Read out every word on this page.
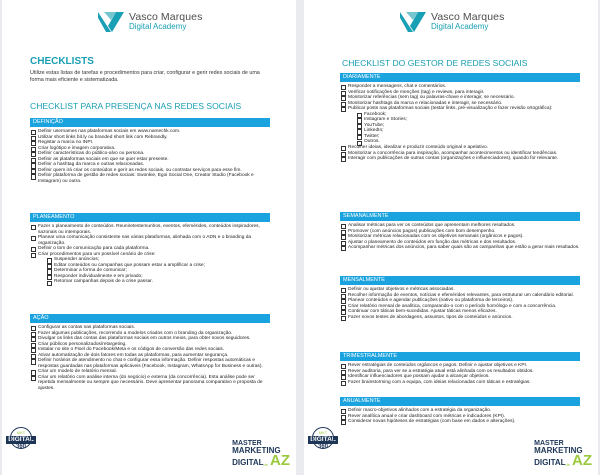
Vasco Marques
Digital Academy
CHECKLISTS
Utilize estas listas de tarefas e procedimentos para criar, configurar e gerir redes sociais de uma forma mais eficiente e sistematizada.
CHECKLIST PARA PRESENÇA NAS REDES SOCIAIS
DEFINIÇÃO
Definir usernames nas plataformas sociais em www.namechk.com.
Utilizar short links bit.ly ou branded short link com Rebrandly.
Registar a marca no INPI.
Criar logótipo e imagem corporativa.
Definir características do público-alvo ou persona.
Definir as plataformas sociais em que se quer estar presente.
Definir a hashtag da marca e outras relacionadas.
Definir quem irá criar os conteúdos e gerir as redes sociais, ou contratar serviços para esse fim.
Definir plataforma de gestão de redes sociais: Swonkie, Egoi Social One, Creator Studio (Facebook e Instagram) ou outra.
PLANEAMENTO
Fazer o planeamento de conteúdos. Reuniretestemunhos, eventos, efemérides, conteúdos inspiradores, sazonais ou intemporais.
Planear uma comunicação consistente nas várias plataformas, alinhada com o ADN e o branding da organização.
Definir o tom de comunicação para cada plataforma.
Criar procedimentos para um possível cenário de crise:
Suspender anúncios;
Editar conteúdos ou campanhas que possam estar a amplificar a crise;
Determinar a forma de comunicar;
Responder individualmente e em privado;
Retomar campanhas depois de a crise passar.
AÇÃO
Configurar as contas nas plataformas sociais.
Fazer algumas publicações, recorrendo a modelos criados com o branding da organização.
Divulgar os links das contas das plataformas sociais em outros meios, para obter novos seguidores.
Criar públicos personalizados/retargeting.
Instalar no site o Pixel do Facebook/Meta e os códigos de conversão das redes sociais.
Ativar automatização de dois fatores em todas as plataformas, para aumentar segurança.
Definir horários de atendimento no chat e configurar essa informação. Definir respostas automáticas e respostas guardadas nas plataformas aplicáveis (Facebook, Instagram, WhatsApp for Business e outras).
Criar um modelo de relatório mensal.
Criar um relatório com análise interna (do negócio) e externa (da concorrência). Esta análise pode ser repetida mensalmente ou sempre que necessário. Deve apresentar panorama comparativo e proposta de ajustes.
MKT
DIGITAL
360	MASTER
MARKETING
DIGITAL de AZ
Vasco Marques
Digital Academy
CHECKLIST DO GESTOR DE REDES SOCIAIS
DIARIAMENTE
Responder a mensagens, chat e comentários.
Verificar notificações de menções (tag) e reviews, para interagir.
Monitorizar referências (sem tag) ou palavras-chave e interagir, se necessário.
Monitorizar hashtags da marca e relacionadas e interagir, se necessário.
Publicar posts nas plataformas sociais (testar links, pré-visualização e fazer revisão ortográfica):
Facebook;
Instagram e Stories;
YouTube;
LinkedIn;
Twitter;
Outros.
Recolher ideias, idealizar e produzir conteúdo original e apelativo.
Monitorizar a concorrência para inspiração, acompanhar acontecimentos ou identificar tendências.
Interagir com publicações de outras contas (organizações e influenciadores), quando for relevante.
SEMANALMENTE
Analisar métricas para ver os conteúdos que apresentam melhores resultados.
Promover (com anúncios pagos) publicações com bom desempenho.
Monitorizar métricas relacionadas com os objetivos semanais (orgânicos e pagos).
Ajustar o planeamento de conteúdos em função das métricas e dos resultados.
Acompanhar métricas dos anúncios, para saber quais são as campanhas que estão a gerar mais resultados.
MENSALMENTE
Definir ou ajustar objetivos e métricas associadas.
Recolher informação de eventos, notícias e efemérides relevantes, para estruturar um calendário editorial.
Planear conteúdos e agendar publicações (nativo ou plataforma de terceiros).
Criar relatório mensal de analítica, comparando-o com o período homólogo e com a concorrência.
Continuar com táticas bem-sucedidas. Ajustar táticas menos eficazes.
Fazer novos testes de abordagens, assuntos, tipos de conteúdos e anúncios.
TRIMESTRALMENTE
Rever estratégias de conteúdos orgânicos e pagos. Definir e ajustar objetivos e KPI.
Rever auditoria, para ver se a estratégia atual está alinhada com os resultados obtidos.
Identificar influenciadores que possam ajudar a alcançar objetivos.
Fazer brainstorming com a equipa, com ideias relacionadas com táticas e estratégias.
ANUALMENTE
Definir macro-objetivos alinhados com a estratégia da organização.
Rever analítica anual e criar dashboard com métricas e indicadores (KPI).
Considerar novas hipóteses de estratégias (com base em dados e alterações).
MKT
DIGITAL
360	MASTER
MARKETING
DIGITAL de AZ
